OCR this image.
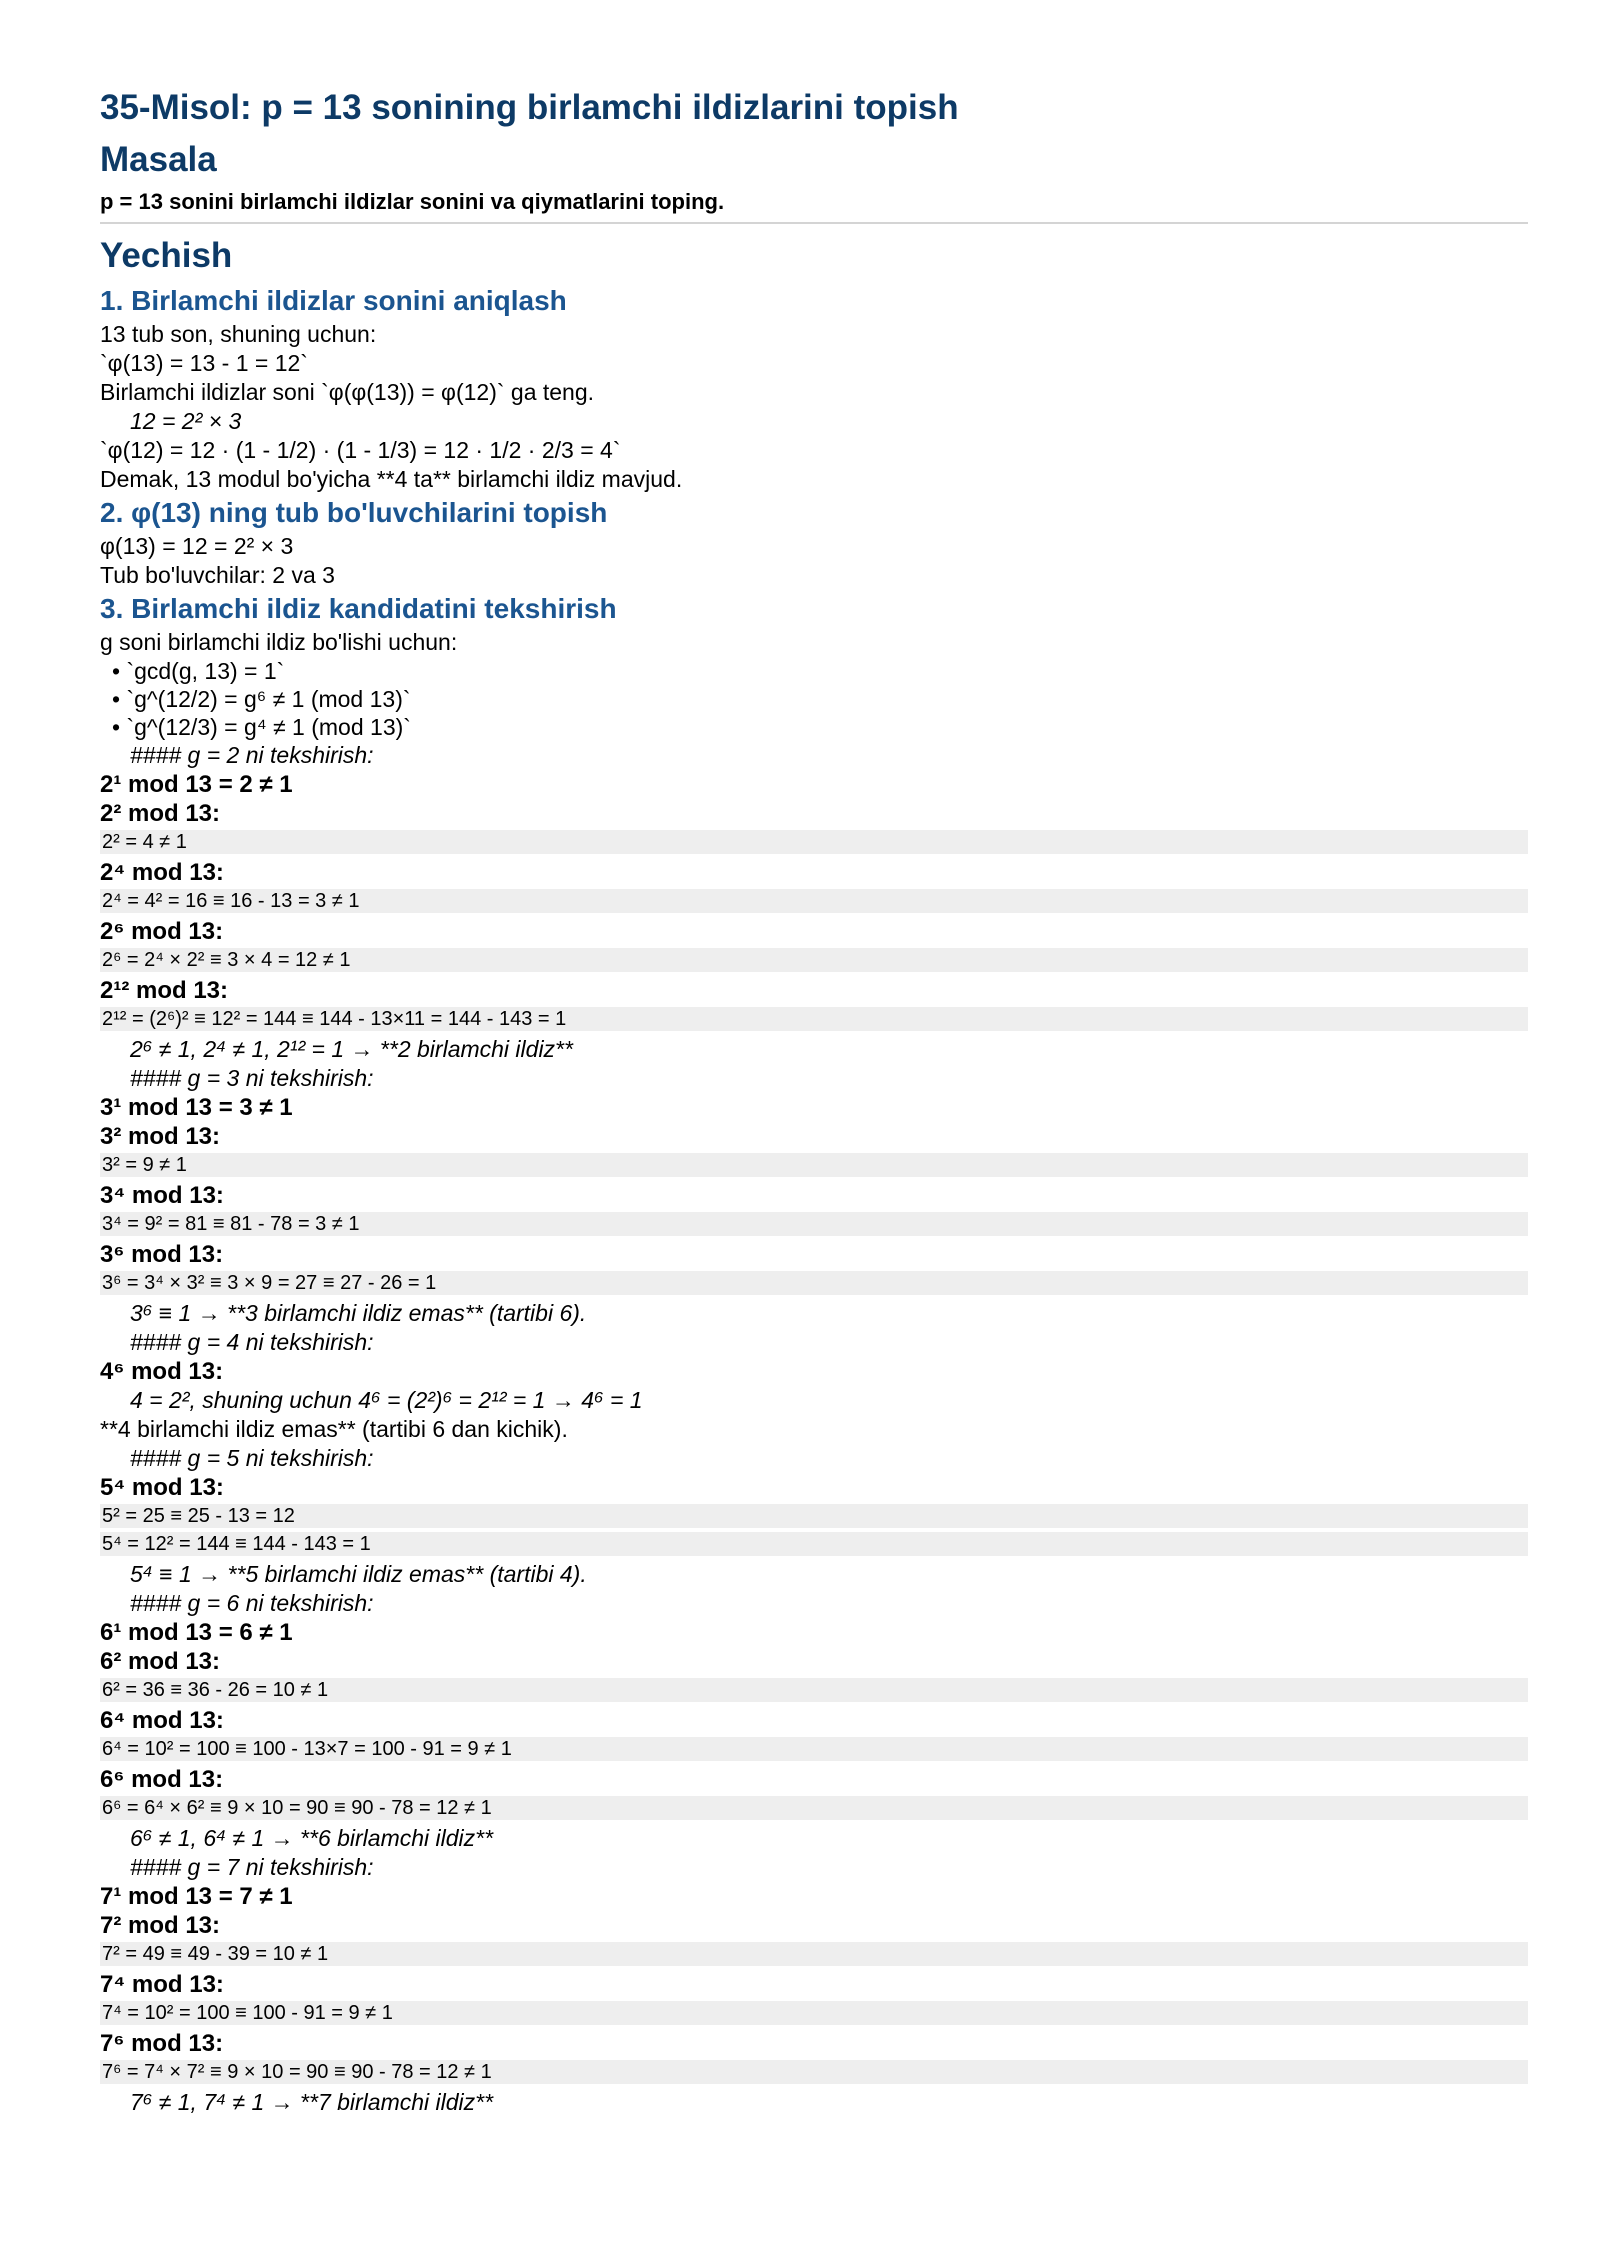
35-Misol: p = 13 sonining birlamchi ildizlarini topish
Masala

p = 13 sonini birlamchi ildizlar sonini va qiymatlarini toping.

Yechish
1. Birlamchi ildizlar sonini aniqlash

13 tub son, shuning uchun:

`φ(13) = 13 - 1 = 12`

Birlamchi ildizlar soni `φ(φ(13)) = φ(12)` ga teng.

12 = 2² × 3

`φ(12) = 12 · (1 - 1/2) · (1 - 1/3) = 12 · 1/2 · 2/3 = 4`

Demak, 13 modul bo'yicha **4 ta** birlamchi ildiz mavjud.

2. φ(13) ning tub bo'luvchilarini topish

φ(13) = 12 = 2² × 3

Tub bo'luvchilar: 2 va 3

3. Birlamchi ildiz kandidatini tekshirish

g soni birlamchi ildiz bo'lishi uchun:

• `gcd(g, 13) = 1`

• `g^(12/2) = g⁶ ≠ 1 (mod 13)`

• `g^(12/3) = g⁴ ≠ 1 (mod 13)`

#### g = 2 ni tekshirish:

2¹ mod 13 = 2 ≠ 1

2² mod 13:

2² = 4 ≠ 1

2⁴ mod 13:

2⁴ = 4² = 16 ≡ 16 - 13 = 3 ≠ 1

2⁶ mod 13:

2⁶ = 2⁴ × 2² ≡ 3 × 4 = 12 ≠ 1

2¹² mod 13:

2¹² = (2⁶)² ≡ 12² = 144 ≡ 144 - 13×11 = 144 - 143 = 1

2⁶ ≠ 1, 2⁴ ≠ 1, 2¹² = 1 → **2 birlamchi ildiz**

#### g = 3 ni tekshirish:

3¹ mod 13 = 3 ≠ 1

3² mod 13:

3² = 9 ≠ 1

3⁴ mod 13:

3⁴ = 9² = 81 ≡ 81 - 78 = 3 ≠ 1

3⁶ mod 13:

3⁶ = 3⁴ × 3² ≡ 3 × 9 = 27 ≡ 27 - 26 = 1

3⁶ ≡ 1 → **3 birlamchi ildiz emas** (tartibi 6).

#### g = 4 ni tekshirish:

4⁶ mod 13:

4 = 2², shuning uchun 4⁶ = (2²)⁶ = 2¹² = 1 → 4⁶ = 1

**4 birlamchi ildiz emas** (tartibi 6 dan kichik).

#### g = 5 ni tekshirish:

5⁴ mod 13:

5² = 25 ≡ 25 - 13 = 12
5⁴ = 12² = 144 ≡ 144 - 143 = 1

5⁴ ≡ 1 → **5 birlamchi ildiz emas** (tartibi 4).

#### g = 6 ni tekshirish:

6¹ mod 13 = 6 ≠ 1

6² mod 13:

6² = 36 ≡ 36 - 26 = 10 ≠ 1

6⁴ mod 13:

6⁴ = 10² = 100 ≡ 100 - 13×7 = 100 - 91 = 9 ≠ 1

6⁶ mod 13:

6⁶ = 6⁴ × 6² ≡ 9 × 10 = 90 ≡ 90 - 78 = 12 ≠ 1

6⁶ ≠ 1, 6⁴ ≠ 1 → **6 birlamchi ildiz**

#### g = 7 ni tekshirish:

7¹ mod 13 = 7 ≠ 1

7² mod 13:

7² = 49 ≡ 49 - 39 = 10 ≠ 1

7⁴ mod 13:

7⁴ = 10² = 100 ≡ 100 - 91 = 9 ≠ 1

7⁶ mod 13:

7⁶ = 7⁴ × 7² ≡ 9 × 10 = 90 ≡ 90 - 78 = 12 ≠ 1

7⁶ ≠ 1, 7⁴ ≠ 1 → **7 birlamchi ildiz**
